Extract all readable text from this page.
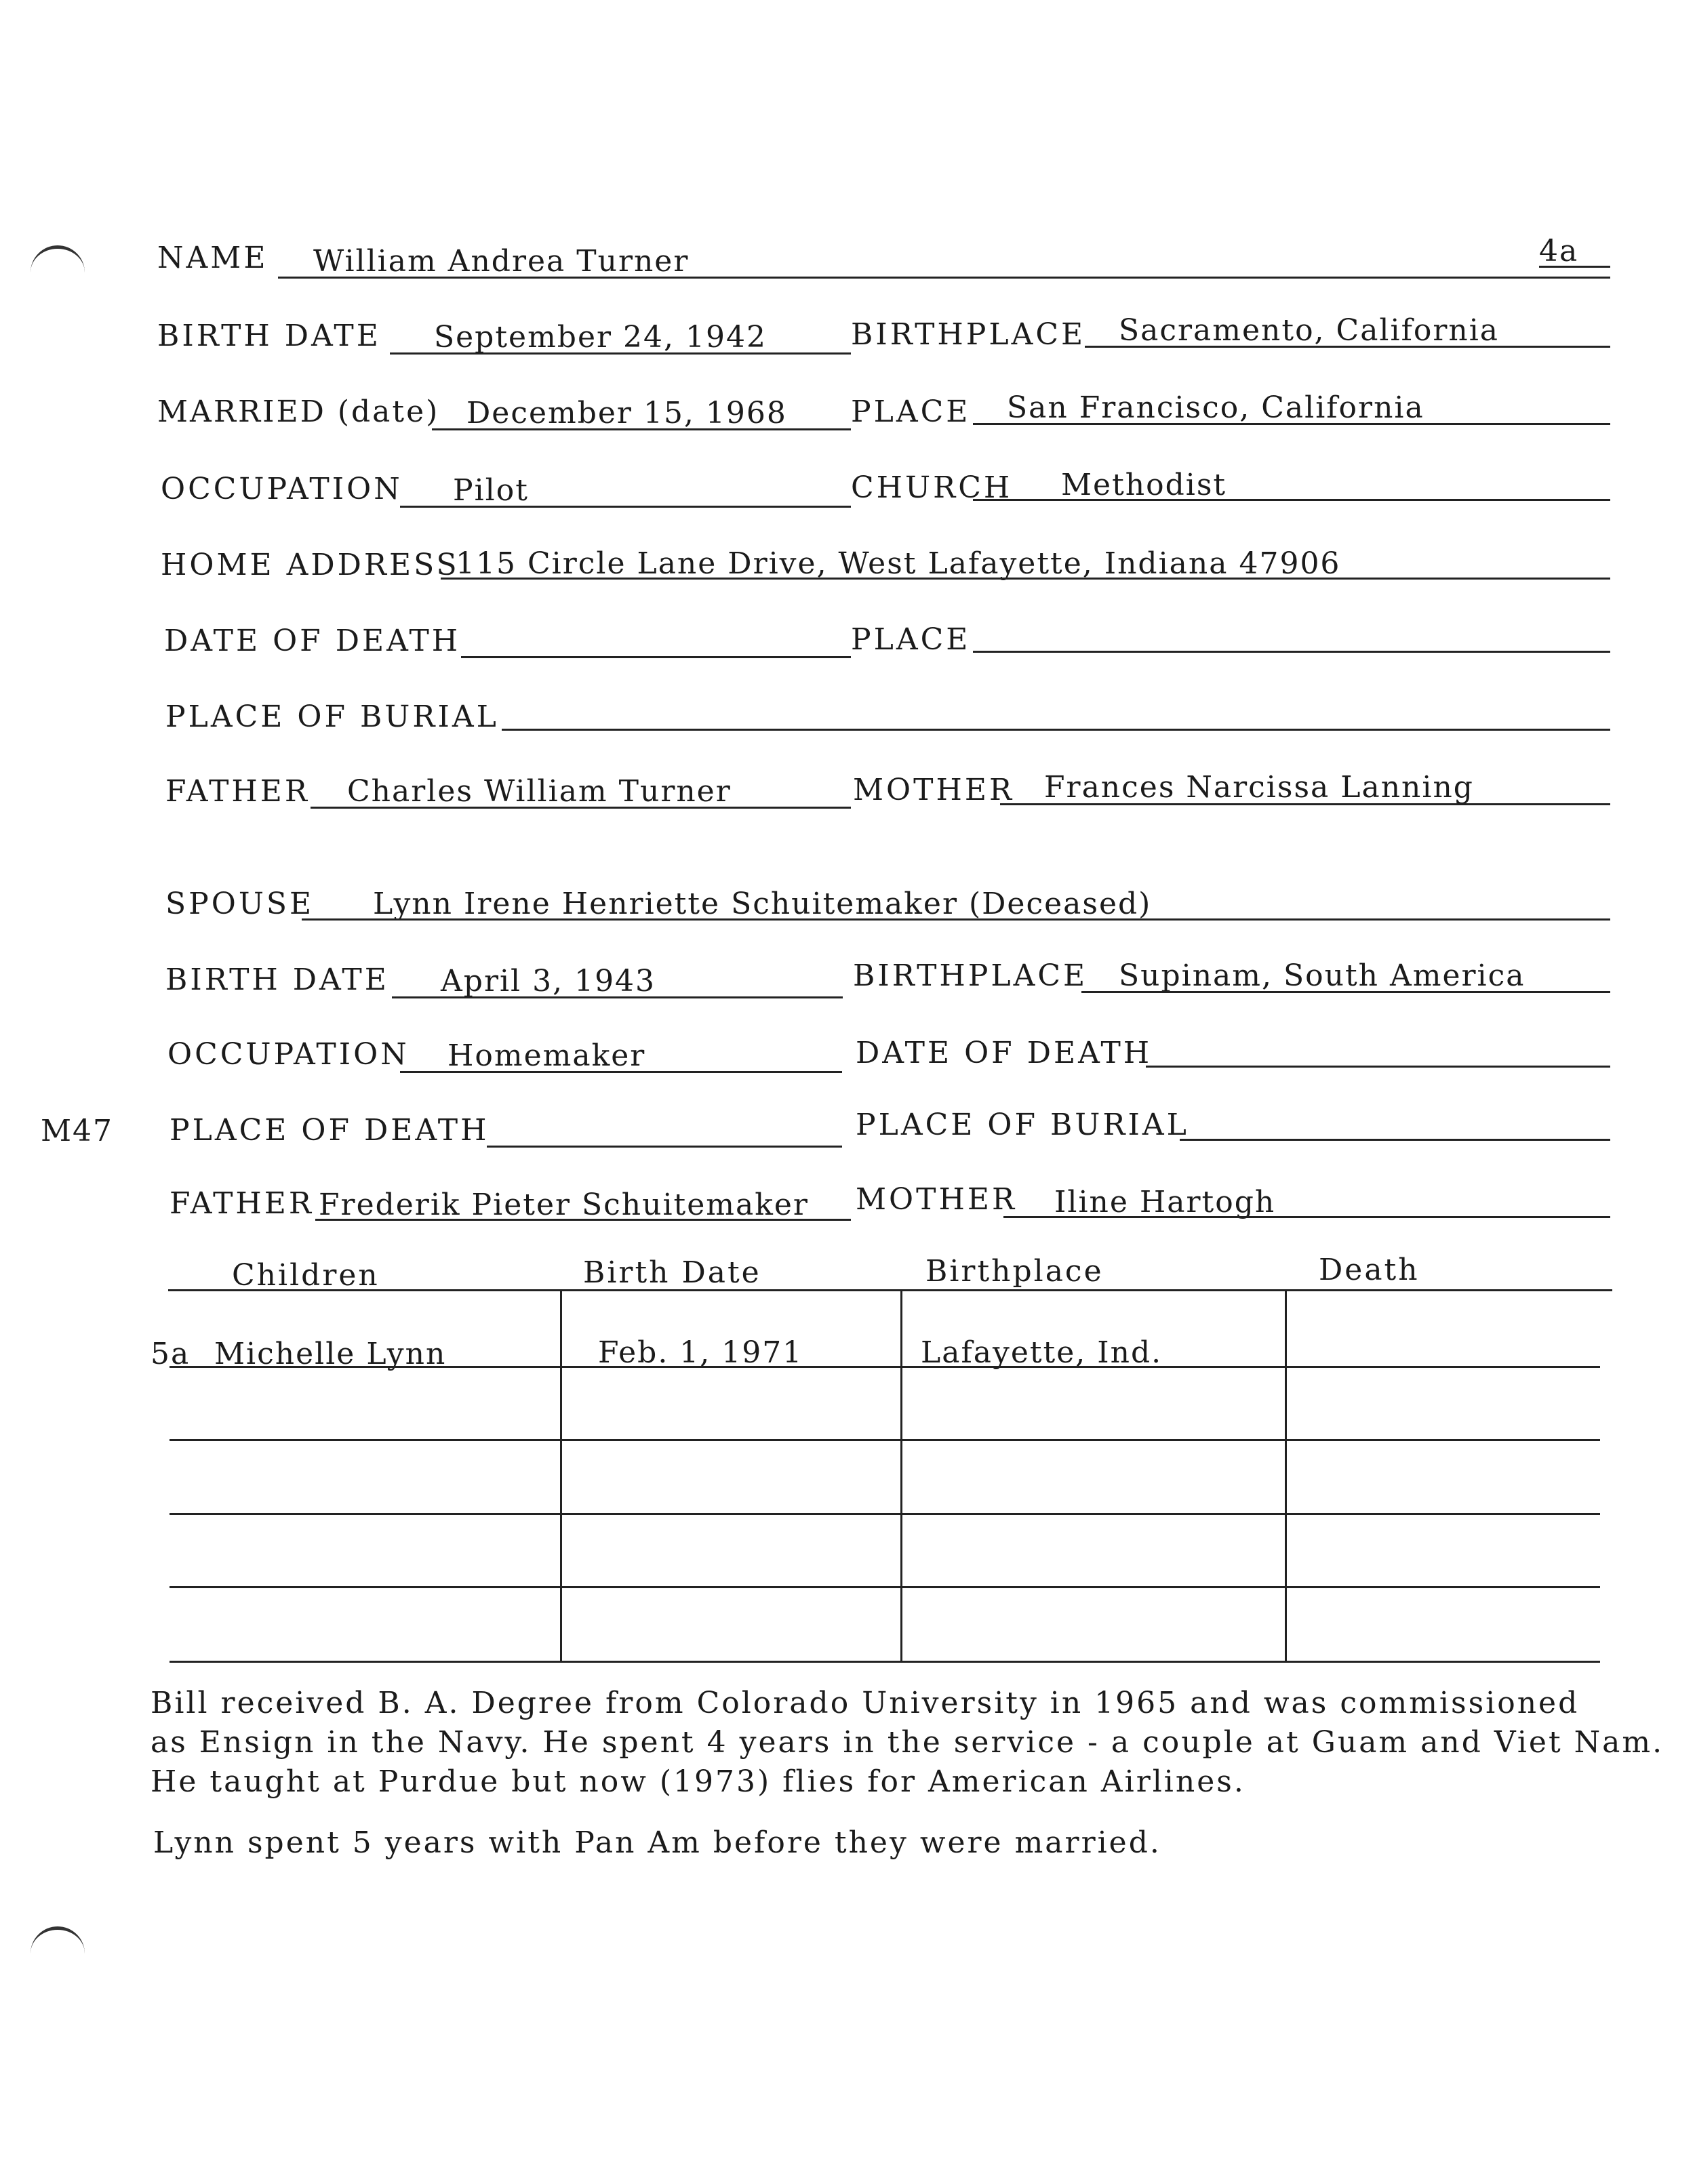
4a
NAME William Andrea Turner
BIRTH DATE September 24, 1942	BIRTHPLACE Sacramento, California
MARRIED (date) December 15, 1968 PLACE San Francisco, California
OCCUPATION Pilot	CHURCH Methodist
HOME ADDRESS
115 Circle Lane Drive, West Lafayette, Indiana 47906
DATE OF DEATH	PLACE
PLACE OF BURIAL
FATHER Charles William Turner	MOTHER Frances Narcissa Lanning
SPOUSE Lynn Irene Henriette Schuitemaker (Deceased)
BIRTH DATE April 3, 1943	BIRTHPLACE Supinam, South America
OCCUPATION Homemaker	DATE OF DEATH
M47 PLACE OF DEATH	PLACE OF BURIAL
FATHER Frederik Pieter Schuitemaker MOTHER Iline Hartogh
Children	Birth Date	Birthplace	Death
5a Michelle Lynn	Feb. 1, 1971	Lafayette, Ind.
Bill received B. A. Degree from Colorado University in 1965 and was commissioned
as Ensign in the Navy. He spent 4 years in the service - a couple at Guam and Viet Nam.
He taught at Purdue but now (1973) flies for American Airlines.
Lynn spent 5 years with Pan Am before they were married.
